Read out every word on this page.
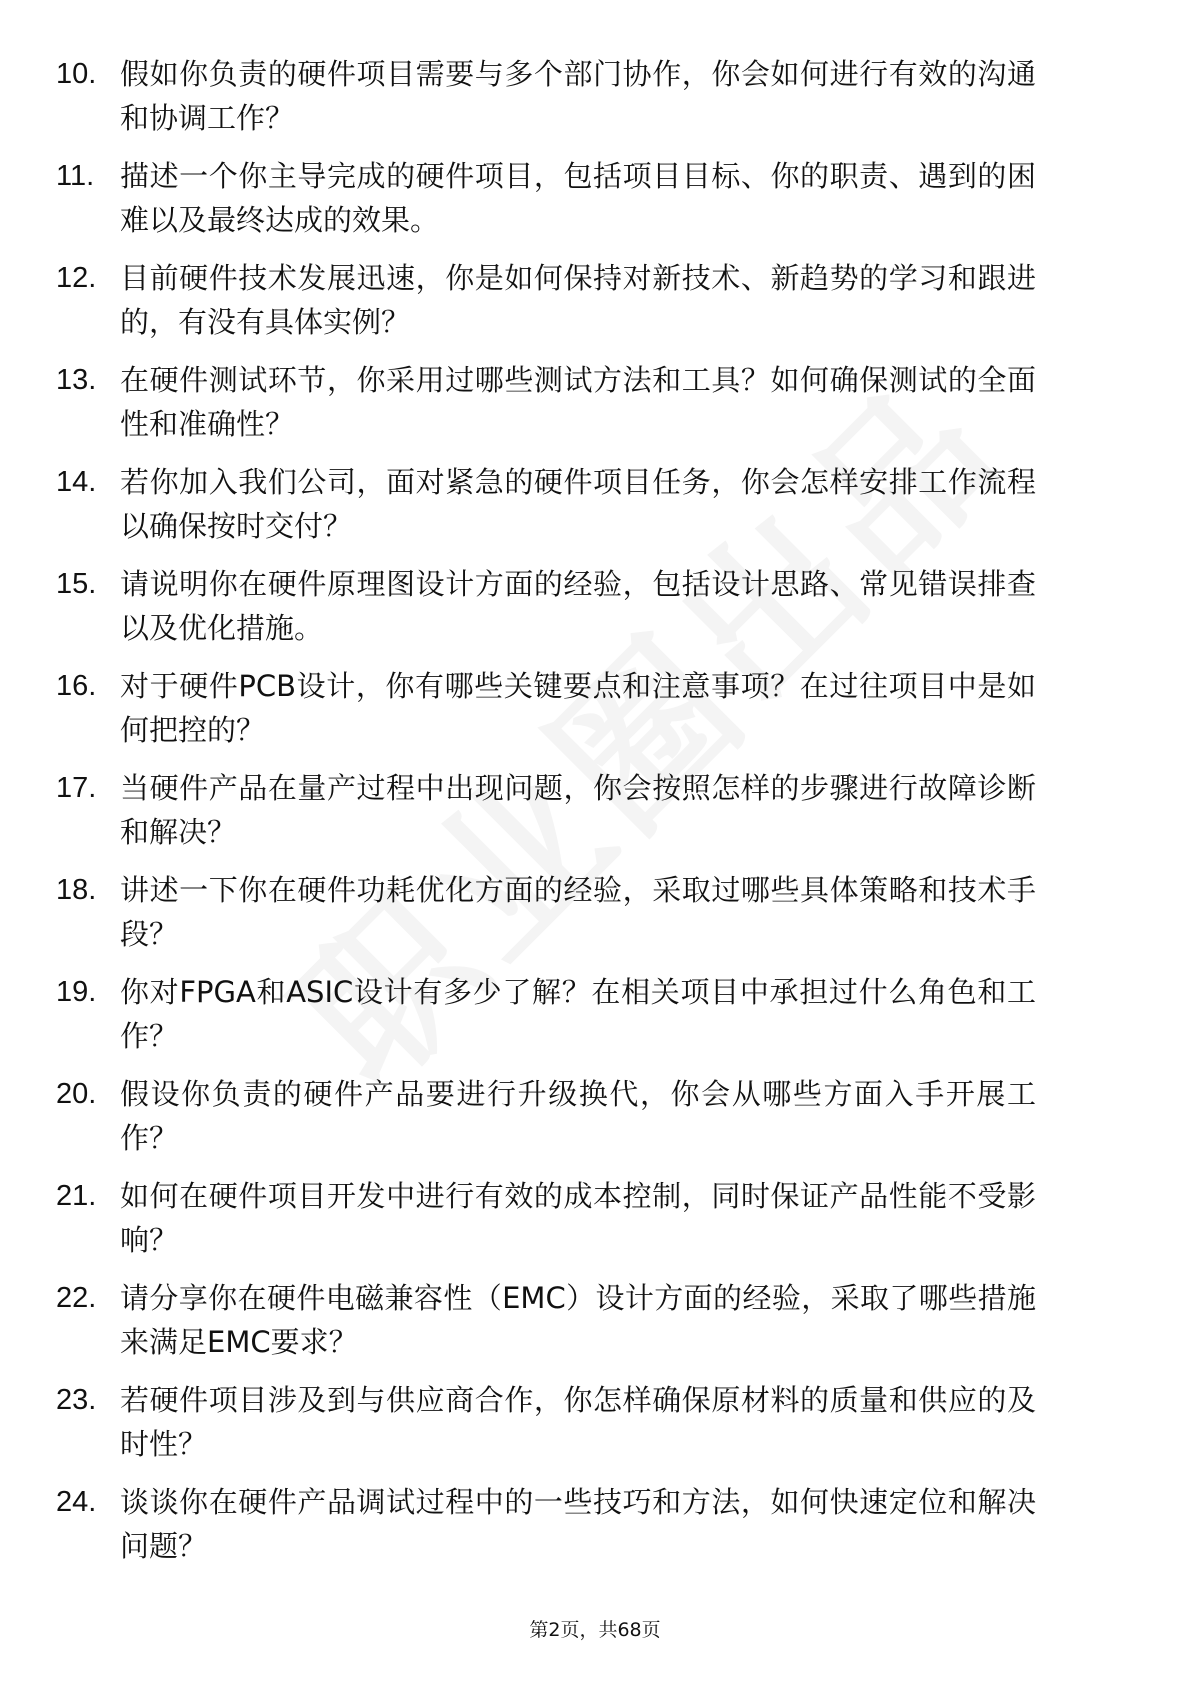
10. 假如你负责的硬件项目需要与多个部门协作，你会如何进行有效的沟通和协调工作？
11. 描述一个你主导完成的硬件项目，包括项目目标、你的职责、遇到的困难以及最终达成的效果。
12. 目前硬件技术发展迅速，你是如何保持对新技术、新趋势的学习和跟进的，有没有具体实例？
13. 在硬件测试环节，你采用过哪些测试方法和工具？如何确保测试的全面性和准确性？
14. 若你加入我们公司，面对紧急的硬件项目任务，你会怎样安排工作流程以确保按时交付？
15. 请说明你在硬件原理图设计方面的经验，包括设计思路、常见错误排查以及优化措施。
16. 对于硬件PCB设计，你有哪些关键要点和注意事项？在过往项目中是如何把控的？
17. 当硬件产品在量产过程中出现问题，你会按照怎样的步骤进行故障诊断和解决？
18. 讲述一下你在硬件功耗优化方面的经验，采取过哪些具体策略和技术手段？
19. 你对FPGA和ASIC设计有多少了解？在相关项目中承担过什么角色和工作？
20. 假设你负责的硬件产品要进行升级换代，你会从哪些方面入手开展工作？
21. 如何在硬件项目开发中进行有效的成本控制，同时保证产品性能不受影响？
22. 请分享你在硬件电磁兼容性（EMC）设计方面的经验，采取了哪些措施来满足EMC要求？
23. 若硬件项目涉及到与供应商合作，你怎样确保原材料的质量和供应的及时性？
24. 谈谈你在硬件产品调试过程中的一些技巧和方法，如何快速定位和解决问题？
第2页，共68页
